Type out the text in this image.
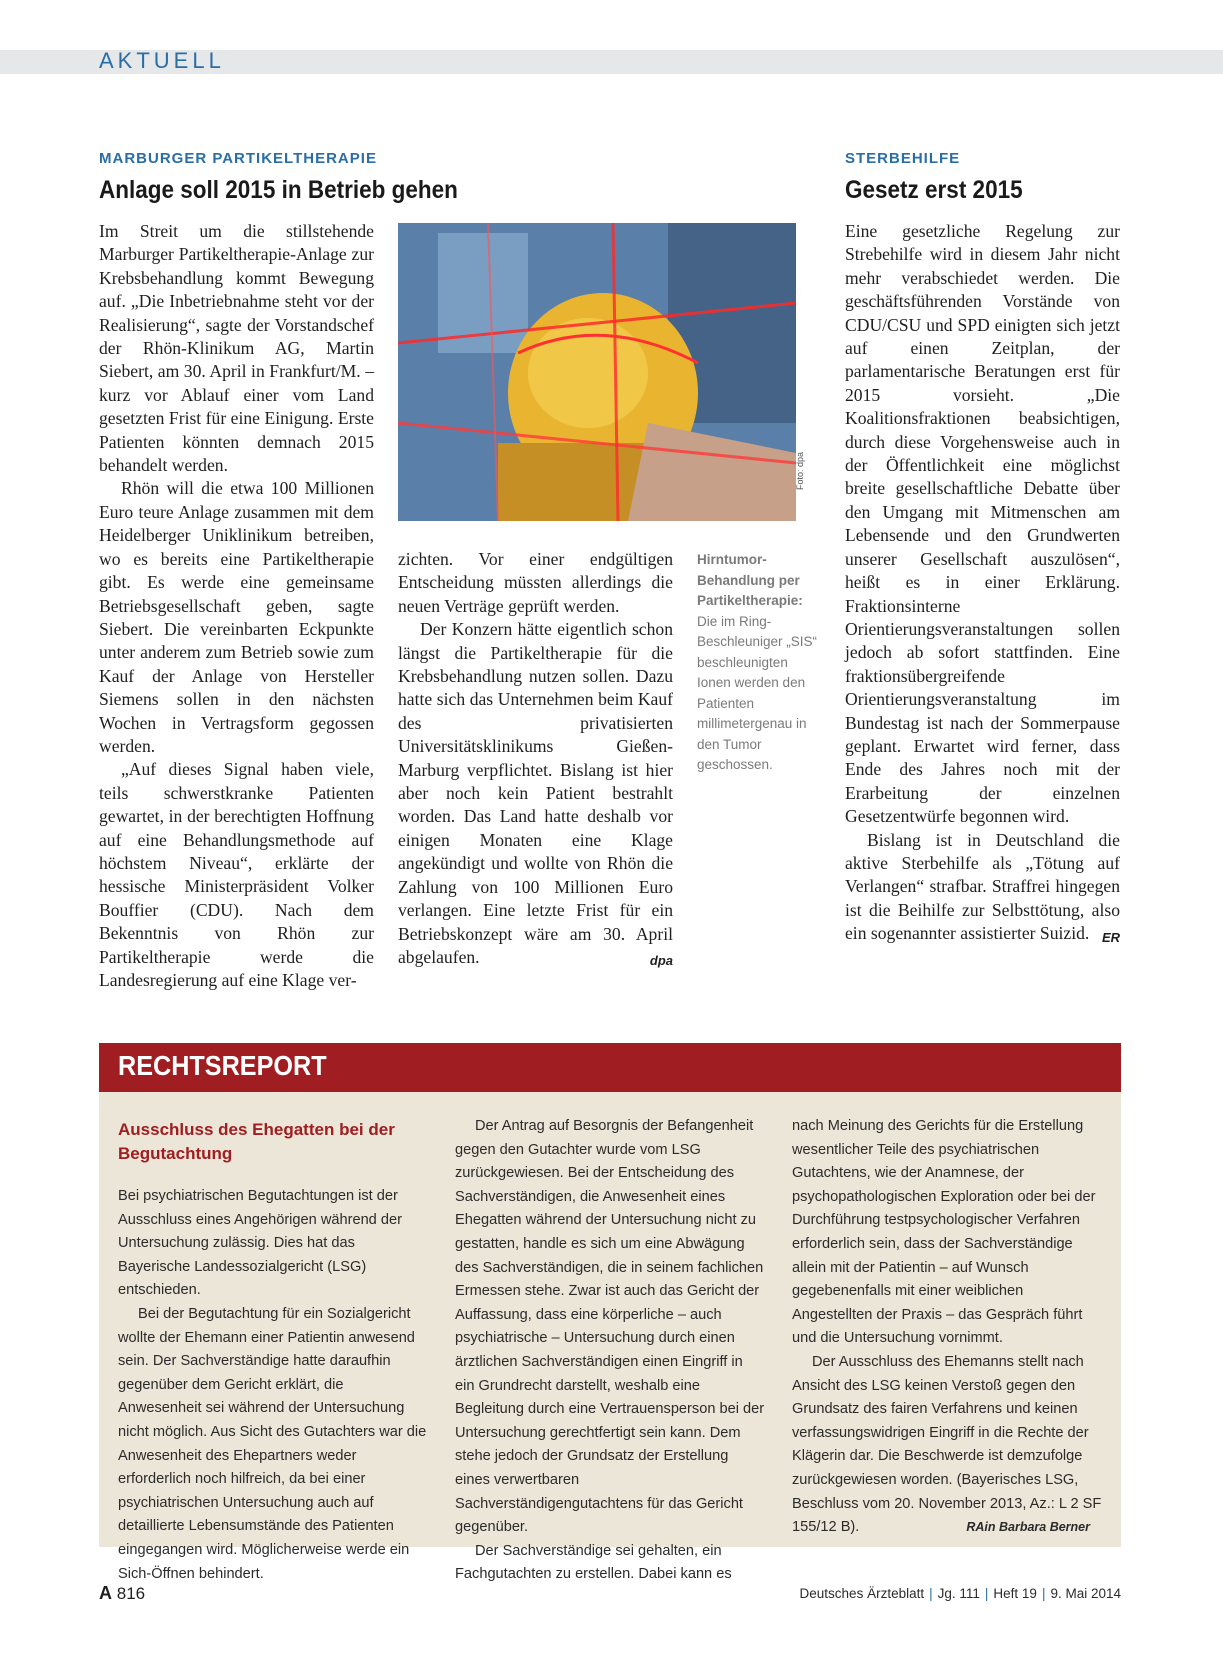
AKTUELL
MARBURGER PARTIKELTHERAPIE
Anlage soll 2015 in Betrieb gehen

Im Streit um die stillstehende Marburger Partikeltherapie-Anlage zur Krebsbehandlung kommt Bewegung auf. „Die Inbetriebnahme steht vor der Realisierung“, sagte der Vorstandschef der Rhön-Klinikum AG, Martin Siebert, am 30. April in Frankfurt/M. – kurz vor Ablauf einer vom Land gesetzten Frist für eine Einigung. Erste Patienten könnten demnach 2015 behandelt werden.

Rhön will die etwa 100 Millionen Euro teure Anlage zusammen mit dem Heidelberger Uniklinikum betreiben, wo es bereits eine Partikeltherapie gibt. Es werde eine gemeinsame Betriebsgesellschaft geben, sagte Siebert. Die vereinbarten Eckpunkte unter anderem zum Betrieb sowie zum Kauf der Anlage von Hersteller Siemens sollen in den nächsten Wochen in Vertragsform gegossen werden.

„Auf dieses Signal haben viele, teils schwerstkranke Patienten gewartet, in der berechtigten Hoffnung auf eine Behandlungsmethode auf höchstem Niveau“, erklärte der hessische Ministerpräsident Volker Bouffier (CDU). Nach dem Bekenntnis von Rhön zur Partikeltherapie werde die Landesregierung auf eine Klage ver-

Foto: dpa

zichten. Vor einer endgültigen Entscheidung müssten allerdings die neuen Verträge geprüft werden.

Der Konzern hätte eigentlich schon längst die Partikeltherapie für die Krebsbehandlung nutzen sollen. Dazu hatte sich das Unternehmen beim Kauf des privatisierten Universitätsklinikums Gießen-Marburg verpflichtet. Bislang ist hier aber noch kein Patient bestrahlt worden. Das Land hatte deshalb vor einigen Monaten eine Klage angekündigt und wollte von Rhön die Zahlung von 100 Millionen Euro verlangen. Eine letzte Frist für ein Betriebskonzept wäre am 30. April abgelaufen.	dpa
Hirntumor-Behandlung per Partikeltherapie:
Die im Ring-Beschleuniger „SIS“ beschleunigten Ionen werden den Patienten millimetergenau in den Tumor geschossen.
STERBEHILFE
Gesetz erst 2015

Eine gesetzliche Regelung zur Strebehilfe wird in diesem Jahr nicht mehr verabschiedet werden. Die geschäftsführenden Vorstände von CDU/CSU und SPD einigten sich jetzt auf einen Zeitplan, der parlamentarische Beratungen erst für 2015 vorsieht. „Die Koalitionsfraktionen beabsichtigen, durch diese Vorgehensweise auch in der Öffentlichkeit eine möglichst breite gesellschaftliche Debatte über den Umgang mit Mitmenschen am Lebensende und den Grundwerten unserer Gesellschaft auszulösen“, heißt es in einer Erklärung. Fraktionsinterne Orientierungsveranstaltungen sollen jedoch ab sofort stattfinden. Eine fraktionsübergreifende Orientierungsveranstaltung im Bundestag ist nach der Sommerpause geplant. Erwartet wird ferner, dass Ende des Jahres noch mit der Erarbeitung der einzelnen Gesetzentwürfe begonnen wird.

Bislang ist in Deutschland die aktive Sterbehilfe als „Tötung auf Verlangen“ strafbar. Straffrei hingegen ist die Beihilfe zur Selbsttötung, also ein sogenannter assistierter Suizid. ER
RECHTSREPORT
Ausschluss des Ehegatten bei der Begutachtung

Bei psychiatrischen Begutachtungen ist der Ausschluss eines Angehörigen während der Untersuchung zulässig. Dies hat das Bayerische Landessozialgericht (LSG) entschieden.

Bei der Begutachtung für ein Sozialgericht wollte der Ehemann einer Patientin anwesend sein. Der Sachverständige hatte daraufhin gegenüber dem Gericht erklärt, die Anwesenheit sei während der Untersuchung nicht möglich. Aus Sicht des Gutachters war die Anwesenheit des Ehepartners weder erforderlich noch hilfreich, da bei einer psychiatrischen Untersuchung auch auf detaillierte Lebensumstände des Patienten eingegangen wird. Möglicherweise werde ein Sich-Öffnen behindert.

Der Antrag auf Besorgnis der Befangenheit gegen den Gutachter wurde vom LSG zurückgewiesen. Bei der Entscheidung des Sachverständigen, die Anwesenheit eines Ehegatten während der Untersuchung nicht zu gestatten, handle es sich um eine Abwägung des Sachverständigen, die in seinem fachlichen Ermessen stehe. Zwar ist auch das Gericht der Auffassung, dass eine körperliche – auch psychiatrische – Untersuchung durch einen ärztlichen Sachverständigen einen Eingriff in ein Grundrecht darstellt, weshalb eine Begleitung durch eine Vertrauensperson bei der Untersuchung gerechtfertigt sein kann. Dem stehe jedoch der Grundsatz der Erstellung eines verwertbaren Sachverständigengutachtens für das Gericht gegenüber.

Der Sachverständige sei gehalten, ein Fachgutachten zu erstellen. Dabei kann es

nach Meinung des Gerichts für die Erstellung wesentlicher Teile des psychiatrischen Gutachtens, wie der Anamnese, der psychopathologischen Exploration oder bei der Durchführung testpsychologischer Verfahren erforderlich sein, dass der Sachverständige allein mit der Patientin – auf Wunsch gegebenenfalls mit einer weiblichen Angestellten der Praxis – das Gespräch führt und die Untersuchung vornimmt.

Der Ausschluss des Ehemanns stellt nach Ansicht des LSG keinen Verstoß gegen den Grundsatz des fairen Verfahrens und keinen verfassungswidrigen Eingriff in die Rechte der Klägerin dar. Die Beschwerde ist demzufolge zurückgewiesen worden. (Bayerisches LSG, Beschluss vom 20. November 2013, Az.: L 2 SF 155/12 B).	RAin Barbara Berner

A 816	Deutsches Ärzteblatt | Jg. 111 | Heft 19 | 9. Mai 2014
